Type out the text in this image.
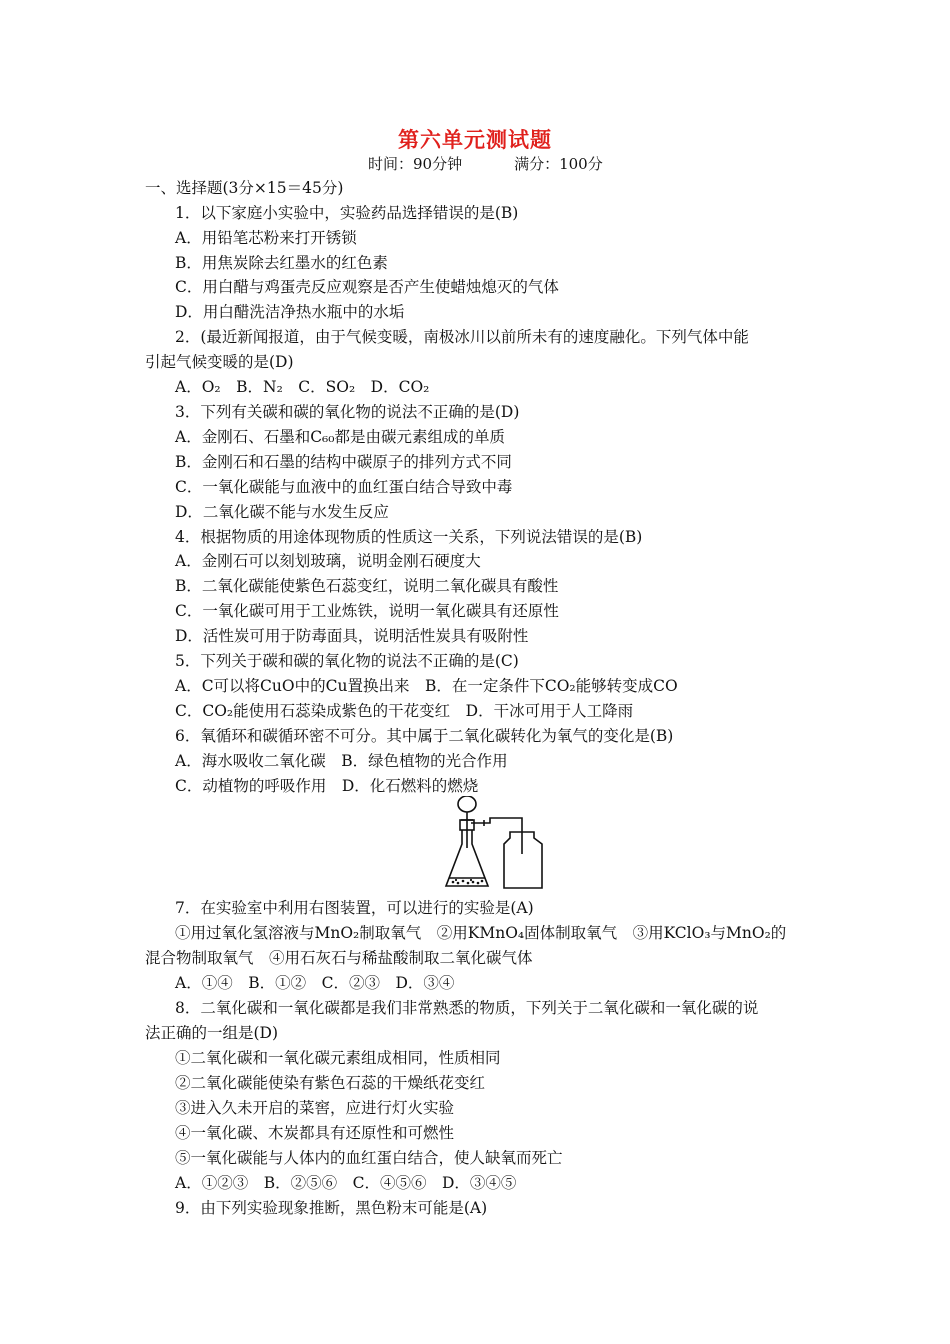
第六单元测试题
时间：90分钟	满分：100分
一、选择题(3分×15＝45分)
1．以下家庭小实验中，实验药品选择错误的是(B)
A．用铅笔芯粉来打开锈锁
B．用焦炭除去红墨水的红色素
C．用白醋与鸡蛋壳反应观察是否产生使蜡烛熄灭的气体
D．用白醋洗洁净热水瓶中的水垢
2．(最近新闻报道，由于气候变暖，南极冰川以前所未有的速度融化。下列气体中能
引起气候变暖的是(D)
A．O₂　B．N₂　C．SO₂　D．CO₂
3．下列有关碳和碳的氧化物的说法不正确的是(D)
A．金刚石、石墨和C₆₀都是由碳元素组成的单质
B．金刚石和石墨的结构中碳原子的排列方式不同
C．一氧化碳能与血液中的血红蛋白结合导致中毒
D．二氧化碳不能与水发生反应
4．根据物质的用途体现物质的性质这一关系，下列说法错误的是(B)
A．金刚石可以刻划玻璃，说明金刚石硬度大
B．二氧化碳能使紫色石蕊变红，说明二氧化碳具有酸性
C．一氧化碳可用于工业炼铁，说明一氧化碳具有还原性
D．活性炭可用于防毒面具，说明活性炭具有吸附性
5．下列关于碳和碳的氧化物的说法不正确的是(C)
A．C可以将CuO中的Cu置换出来　B．在一定条件下CO₂能够转变成CO
C．CO₂能使用石蕊染成紫色的干花变红　D．干冰可用于人工降雨
6．氧循环和碳循环密不可分。其中属于二氧化碳转化为氧气的变化是(B)
A．海水吸收二氧化碳　B．绿色植物的光合作用
C．动植物的呼吸作用　D．化石燃料的燃烧
7．在实验室中利用右图装置，可以进行的实验是(A)
①用过氧化氢溶液与MnO₂制取氧气　②用KMnO₄固体制取氧气　③用KClO₃与MnO₂的
混合物制取氧气　④用石灰石与稀盐酸制取二氧化碳气体
A．①④　B．①②　C．②③　D．③④
8．二氧化碳和一氧化碳都是我们非常熟悉的物质，下列关于二氧化碳和一氧化碳的说
法正确的一组是(D)
①二氧化碳和一氧化碳元素组成相同，性质相同
②二氧化碳能使染有紫色石蕊的干燥纸花变红
③进入久未开启的菜窖，应进行灯火实验
④一氧化碳、木炭都具有还原性和可燃性
⑤一氧化碳能与人体内的血红蛋白结合，使人缺氧而死亡
A．①②③　B．②⑤⑥　C．④⑤⑥　D．③④⑤
9．由下列实验现象推断，黑色粉末可能是(A)
